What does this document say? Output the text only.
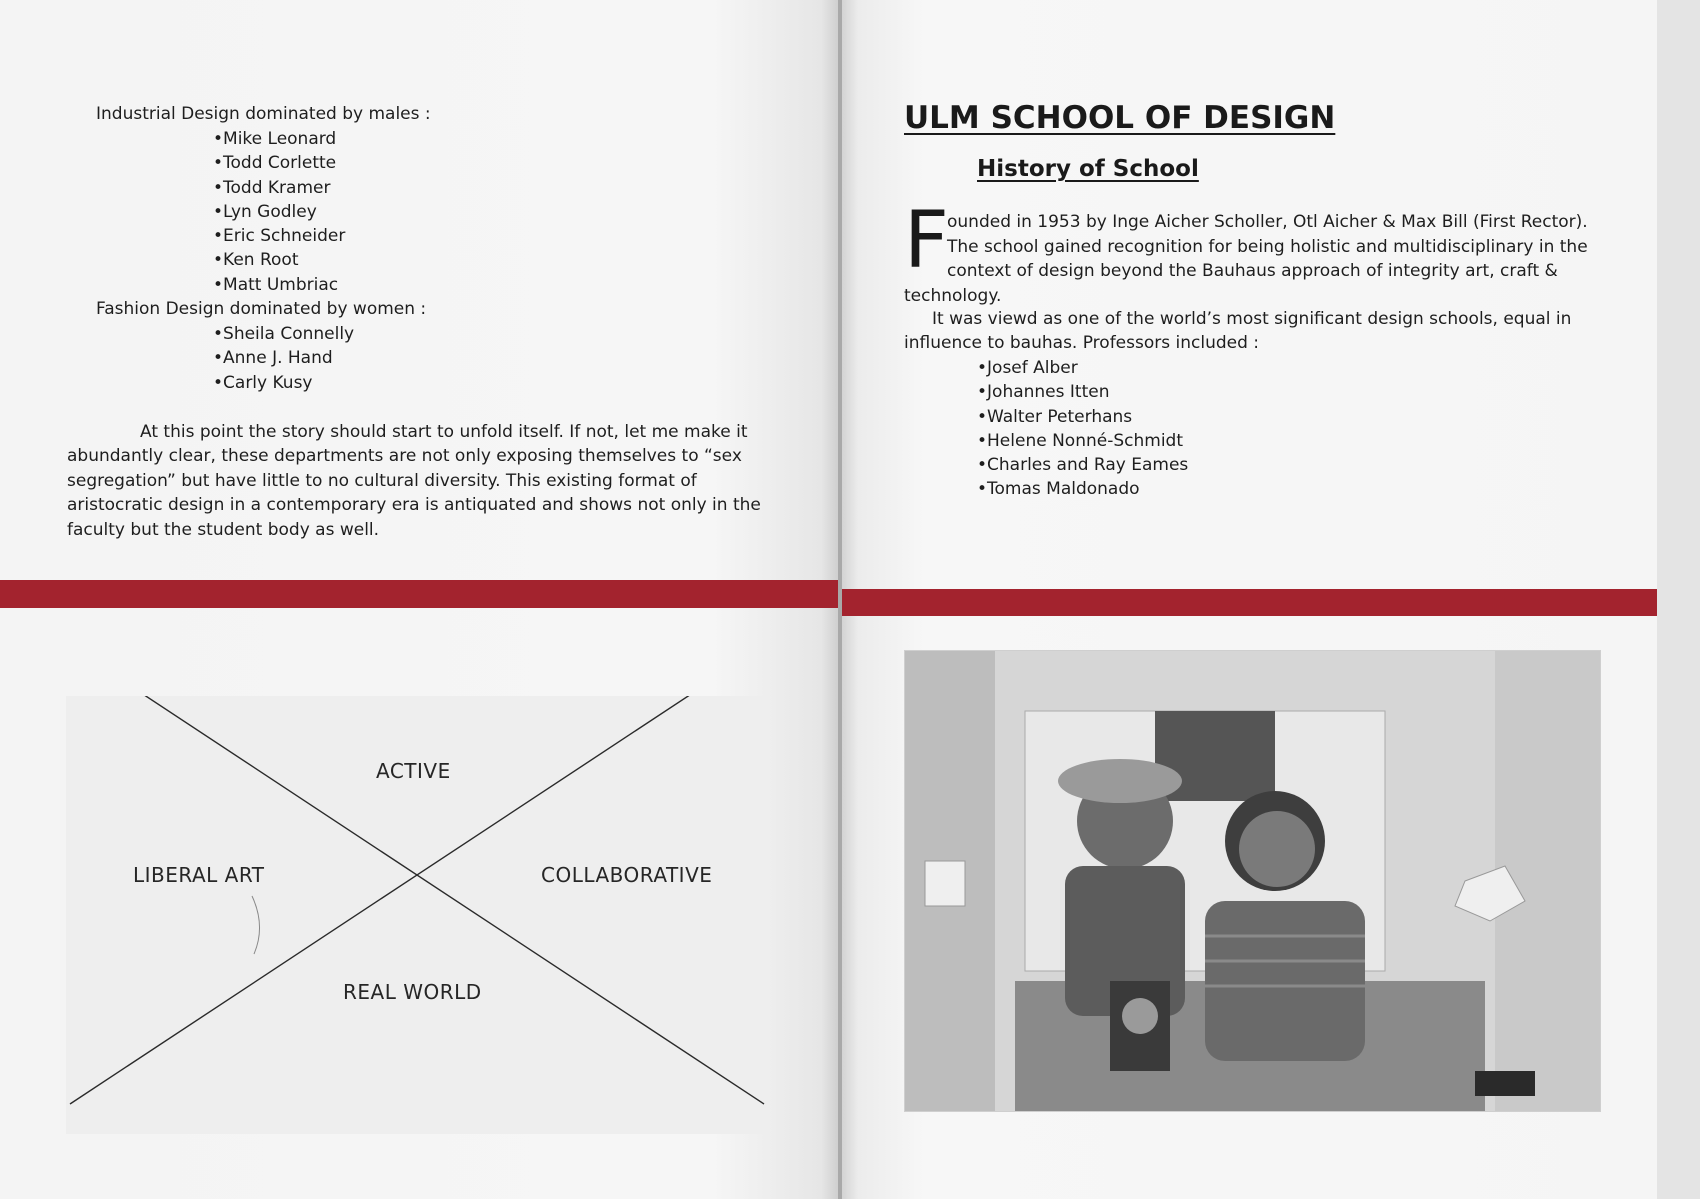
Industrial Design dominated by males :
•Mike Leonard
•Todd Corlette
•Todd Kramer
•Lyn Godley
•Eric Schneider
•Ken Root
•Matt Umbriac
Fashion Design dominated by women :
•Sheila Connelly
•Anne J. Hand
•Carly Kusy

At this point the story should start to unfold itself. If not, let me make it abundantly clear, these departments are not only exposing themselves to “sex segregation” but have little to no cultural diversity. This existing format of aristocratic design in a contemporary era is antiquated and shows not only in the faculty but the student body as well.

ACTIVE
LIBERAL ART	COLLABORATIVE
REAL WORLD
ULM SCHOOL OF DESIGN
History of School
F

ounded in 1953 by Inge Aicher Scholler, Otl Aicher & Max Bill (First Rector).
The school gained recognition for being holistic and multidisciplinary in the
context of design beyond the Bauhaus approach of integrity art, craft &
technology.

It was viewd as one of the world’s most significant design schools, equal in influence to bauhas. Professors included :

•Josef Alber
•Johannes Itten
•Walter Peterhans
•Helene Nonné-Schmidt
•Charles and Ray Eames
•Tomas Maldonado
